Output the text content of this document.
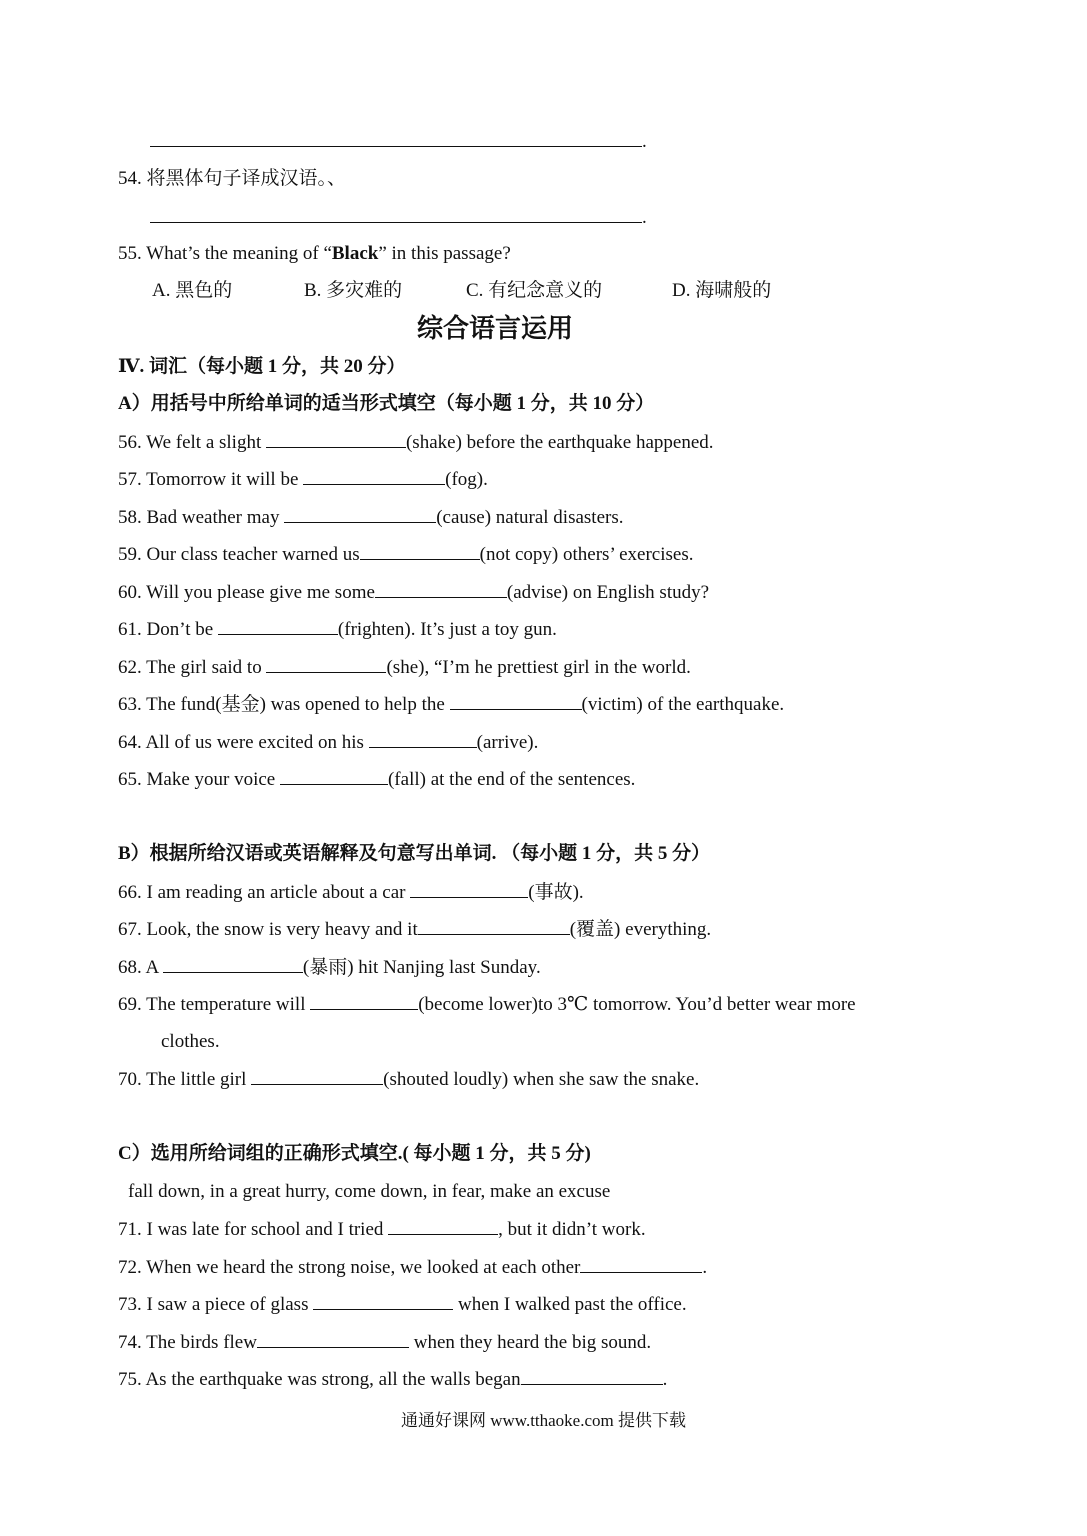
.
54. 将黑体句子译成汉语。、
.
55. What’s the meaning of “Black” in this passage?
A. 黑色的	B. 多灾难的	C. 有纪念意义的	D. 海啸般的
综合语言运用
Ⅳ. 词汇（每小题 1 分，共 20 分）
A）用括号中所给单词的适当形式填空（每小题 1 分，共 10 分）
56. We felt a slight	(shake) before the earthquake happened.
57. Tomorrow it will be	(fog).
58. Bad weather may	(cause) natural disasters.
59. Our class teacher warned us	(not copy) others’ exercises.
60. Will you please give me some	(advise) on English study?
61. Don’t be	(frighten). It’s just a toy gun.
62. The girl said to	(she), “I’m he prettiest girl in the world.
63. The fund(基金) was opened to help the	(victim) of the earthquake.
64. All of us were excited on his	(arrive).
65. Make your voice	(fall) at the end of the sentences.
B）根据所给汉语或英语解释及句意写出单词. （每小题 1 分，共 5 分）
66. I am reading an article about a car	(事故).
67. Look, the snow is very heavy and it	(覆盖) everything.
68. A	(暴雨) hit Nanjing last Sunday.
69. The temperature will	(become lower)to 3℃ tomorrow. You’d better wear more
clothes.
70. The little girl	(shouted loudly) when she saw the snake.
C）选用所给词组的正确形式填空.( 每小题 1 分，共 5 分)
fall down, in a great hurry, come down, in fear, make an excuse
71. I was late for school and I tried	, but it didn’t work.
72. When we heard the strong noise, we looked at each other	.
73. I saw a piece of glass	when I walked past the office.
74. The birds flew	when they heard the big sound.
75. As the earthquake was strong, all the walls began	.
通通好课网 www.tthaoke.com 提供下载
